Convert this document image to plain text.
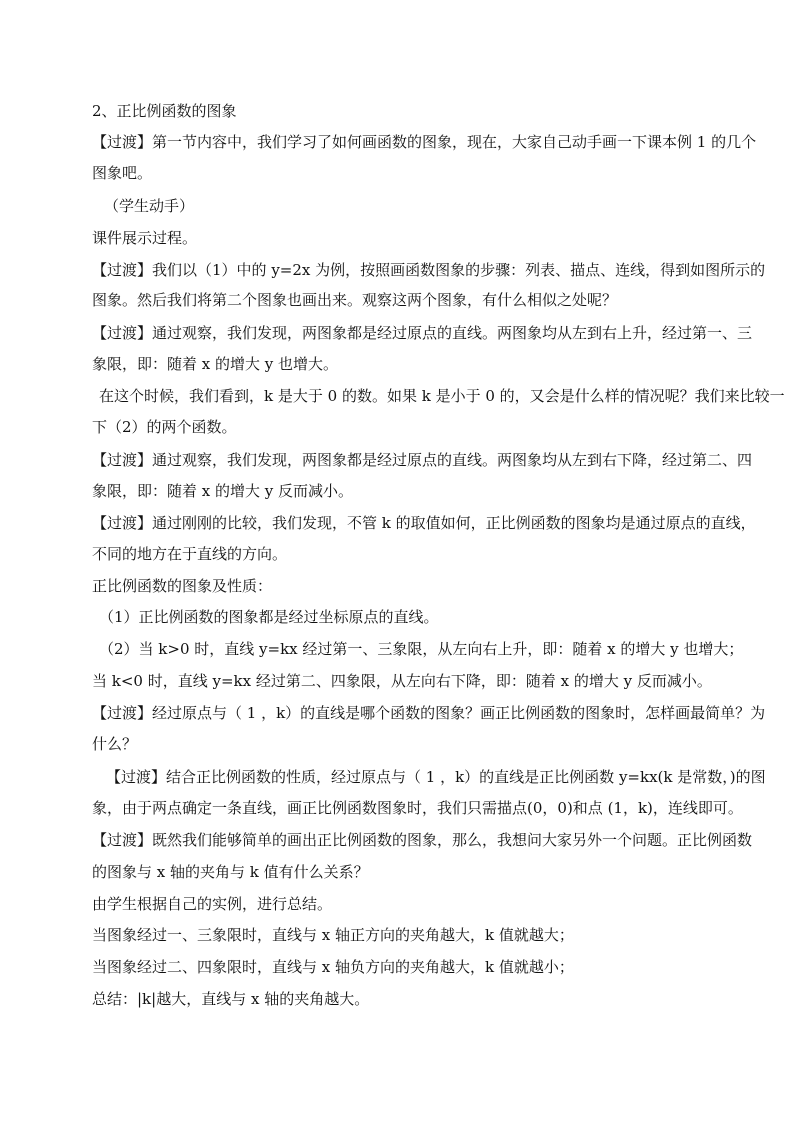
2、正比例函数的图象
【过渡】第一节内容中，我们学习了如何画函数的图象，现在，大家自己动手画一下课本例 1 的几个
图象吧。
（学生动手）
课件展示过程。
【过渡】我们以（1）中的 y=2x 为例，按照画函数图象的步骤：列表、描点、连线，得到如图所示的
图象。然后我们将第二个图象也画出来。观察这两个图象，有什么相似之处呢？
【过渡】通过观察，我们发现，两图象都是经过原点的直线。两图象均从左到右上升，经过第一、三
象限，即：随着 x 的增大 y 也增大。
在这个时候，我们看到，k 是大于 0 的数。如果 k 是小于 0 的，又会是什么样的情况呢？我们来比较一
下（2）的两个函数。
【过渡】通过观察，我们发现，两图象都是经过原点的直线。两图象均从左到右下降，经过第二、四
象限，即：随着 x 的增大 y 反而减小。
【过渡】通过刚刚的比较，我们发现，不管 k 的取值如何，正比例函数的图象均是通过原点的直线，
不同的地方在于直线的方向。
正比例函数的图象及性质：
（1）正比例函数的图象都是经过坐标原点的直线。
（2）当 k>0 时，直线 y=kx 经过第一、三象限，从左向右上升，即：随着 x 的增大 y 也增大；
当 k<0 时，直线 y=kx 经过第二、四象限，从左向右下降，即：随着 x 的增大 y 反而减小。
【过渡】经过原点与（ 1 ，k）的直线是哪个函数的图象？画正比例函数的图象时，怎样画最简单？为
什么？
【过渡】结合正比例函数的性质，经过原点与（ 1 ，k）的直线是正比例函数 y=kx(k 是常数，)的图
象，由于两点确定一条直线，画正比例函数图象时，我们只需描点(0，0)和点 (1，k)，连线即可。
【过渡】既然我们能够简单的画出正比例函数的图象，那么，我想问大家另外一个问题。正比例函数
的图象与 x 轴的夹角与 k 值有什么关系？
由学生根据自己的实例，进行总结。
当图象经过一、三象限时，直线与 x 轴正方向的夹角越大，k 值就越大；
当图象经过二、四象限时，直线与 x 轴负方向的夹角越大，k 值就越小；
总结：|k|越大，直线与 x 轴的夹角越大。
